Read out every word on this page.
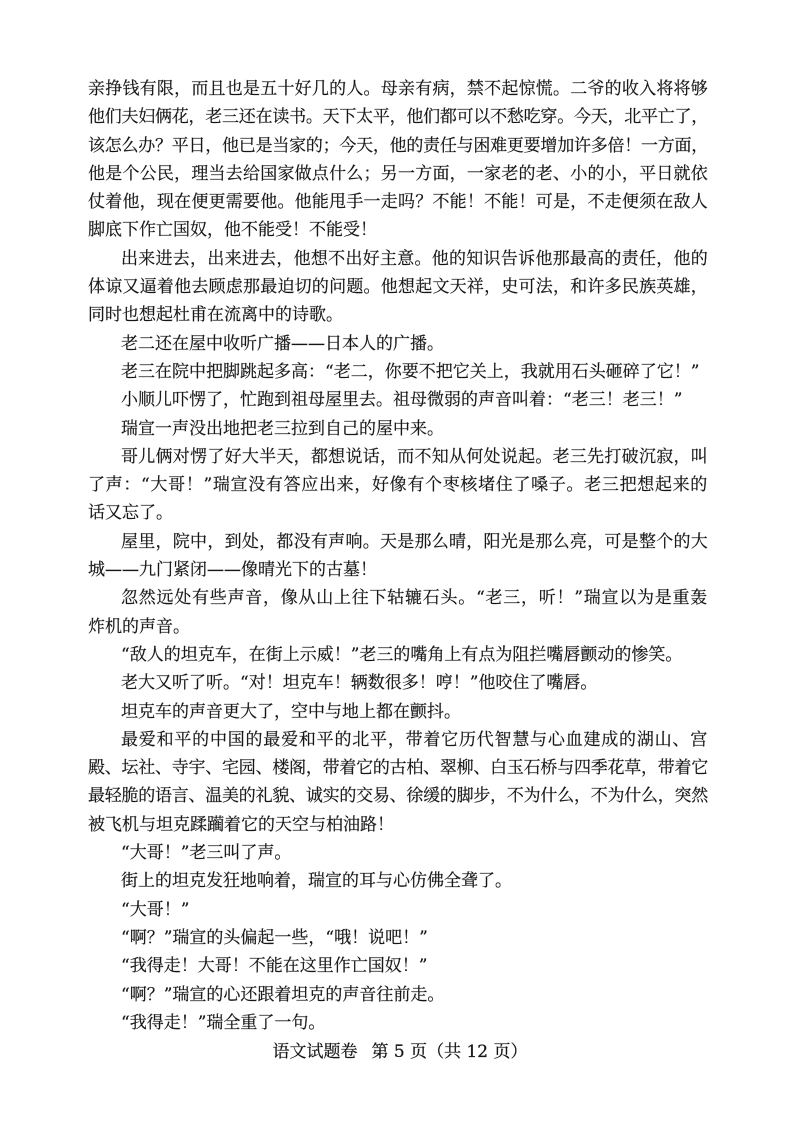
亲挣钱有限，而且也是五十好几的人。母亲有病，禁不起惊慌。二爷的收入将将够
他们夫妇俩花，老三还在读书。天下太平，他们都可以不愁吃穿。今天，北平亡了，
该怎么办？平日，他已是当家的；今天，他的责任与困难更要增加许多倍！一方面，
他是个公民，理当去给国家做点什么；另一方面，一家老的老、小的小，平日就依
仗着他，现在便更需要他。他能甩手一走吗？不能！不能！可是，不走便须在敌人
脚底下作亡国奴，他不能受！不能受！
出来进去，出来进去，他想不出好主意。他的知识告诉他那最高的责任，他的
体谅又逼着他去顾虑那最迫切的问题。他想起文天祥，史可法，和许多民族英雄，
同时也想起杜甫在流离中的诗歌。
老二还在屋中收听广播——日本人的广播。
老三在院中把脚跳起多高：“老二，你要不把它关上，我就用石头砸碎了它！”
小顺儿吓愣了，忙跑到祖母屋里去。祖母微弱的声音叫着：“老三！老三！”
瑞宣一声没出地把老三拉到自己的屋中来。
哥儿俩对愣了好大半天，都想说话，而不知从何处说起。老三先打破沉寂，叫
了声：“大哥！”瑞宣没有答应出来，好像有个枣核堵住了嗓子。老三把想起来的
话又忘了。
屋里，院中，到处，都没有声响。天是那么晴，阳光是那么亮，可是整个的大
城——九门紧闭——像晴光下的古墓！
忽然远处有些声音，像从山上往下轱辘石头。“老三，听！”瑞宣以为是重轰
炸机的声音。
“敌人的坦克车，在街上示威！”老三的嘴角上有点为阻拦嘴唇颤动的惨笑。
老大又听了听。“对！坦克车！辆数很多！哼！”他咬住了嘴唇。
坦克车的声音更大了，空中与地上都在颤抖。
最爱和平的中国的最爱和平的北平，带着它历代智慧与心血建成的湖山、宫
殿、坛社、寺宇、宅园、楼阁，带着它的古柏、翠柳、白玉石桥与四季花草，带着它
最轻脆的语言、温美的礼貌、诚实的交易、徐缓的脚步，不为什么，不为什么，突然
被飞机与坦克蹂躏着它的天空与柏油路！
“大哥！”老三叫了声。
街上的坦克发狂地响着，瑞宣的耳与心仿佛全聋了。
“大哥！”
“啊？”瑞宣的头偏起一些，“哦！说吧！”
“我得走！大哥！不能在这里作亡国奴！”
“啊？”瑞宣的心还跟着坦克的声音往前走。
“我得走！”瑞全重了一句。
语文试题卷 第 5 页（共 12 页）
